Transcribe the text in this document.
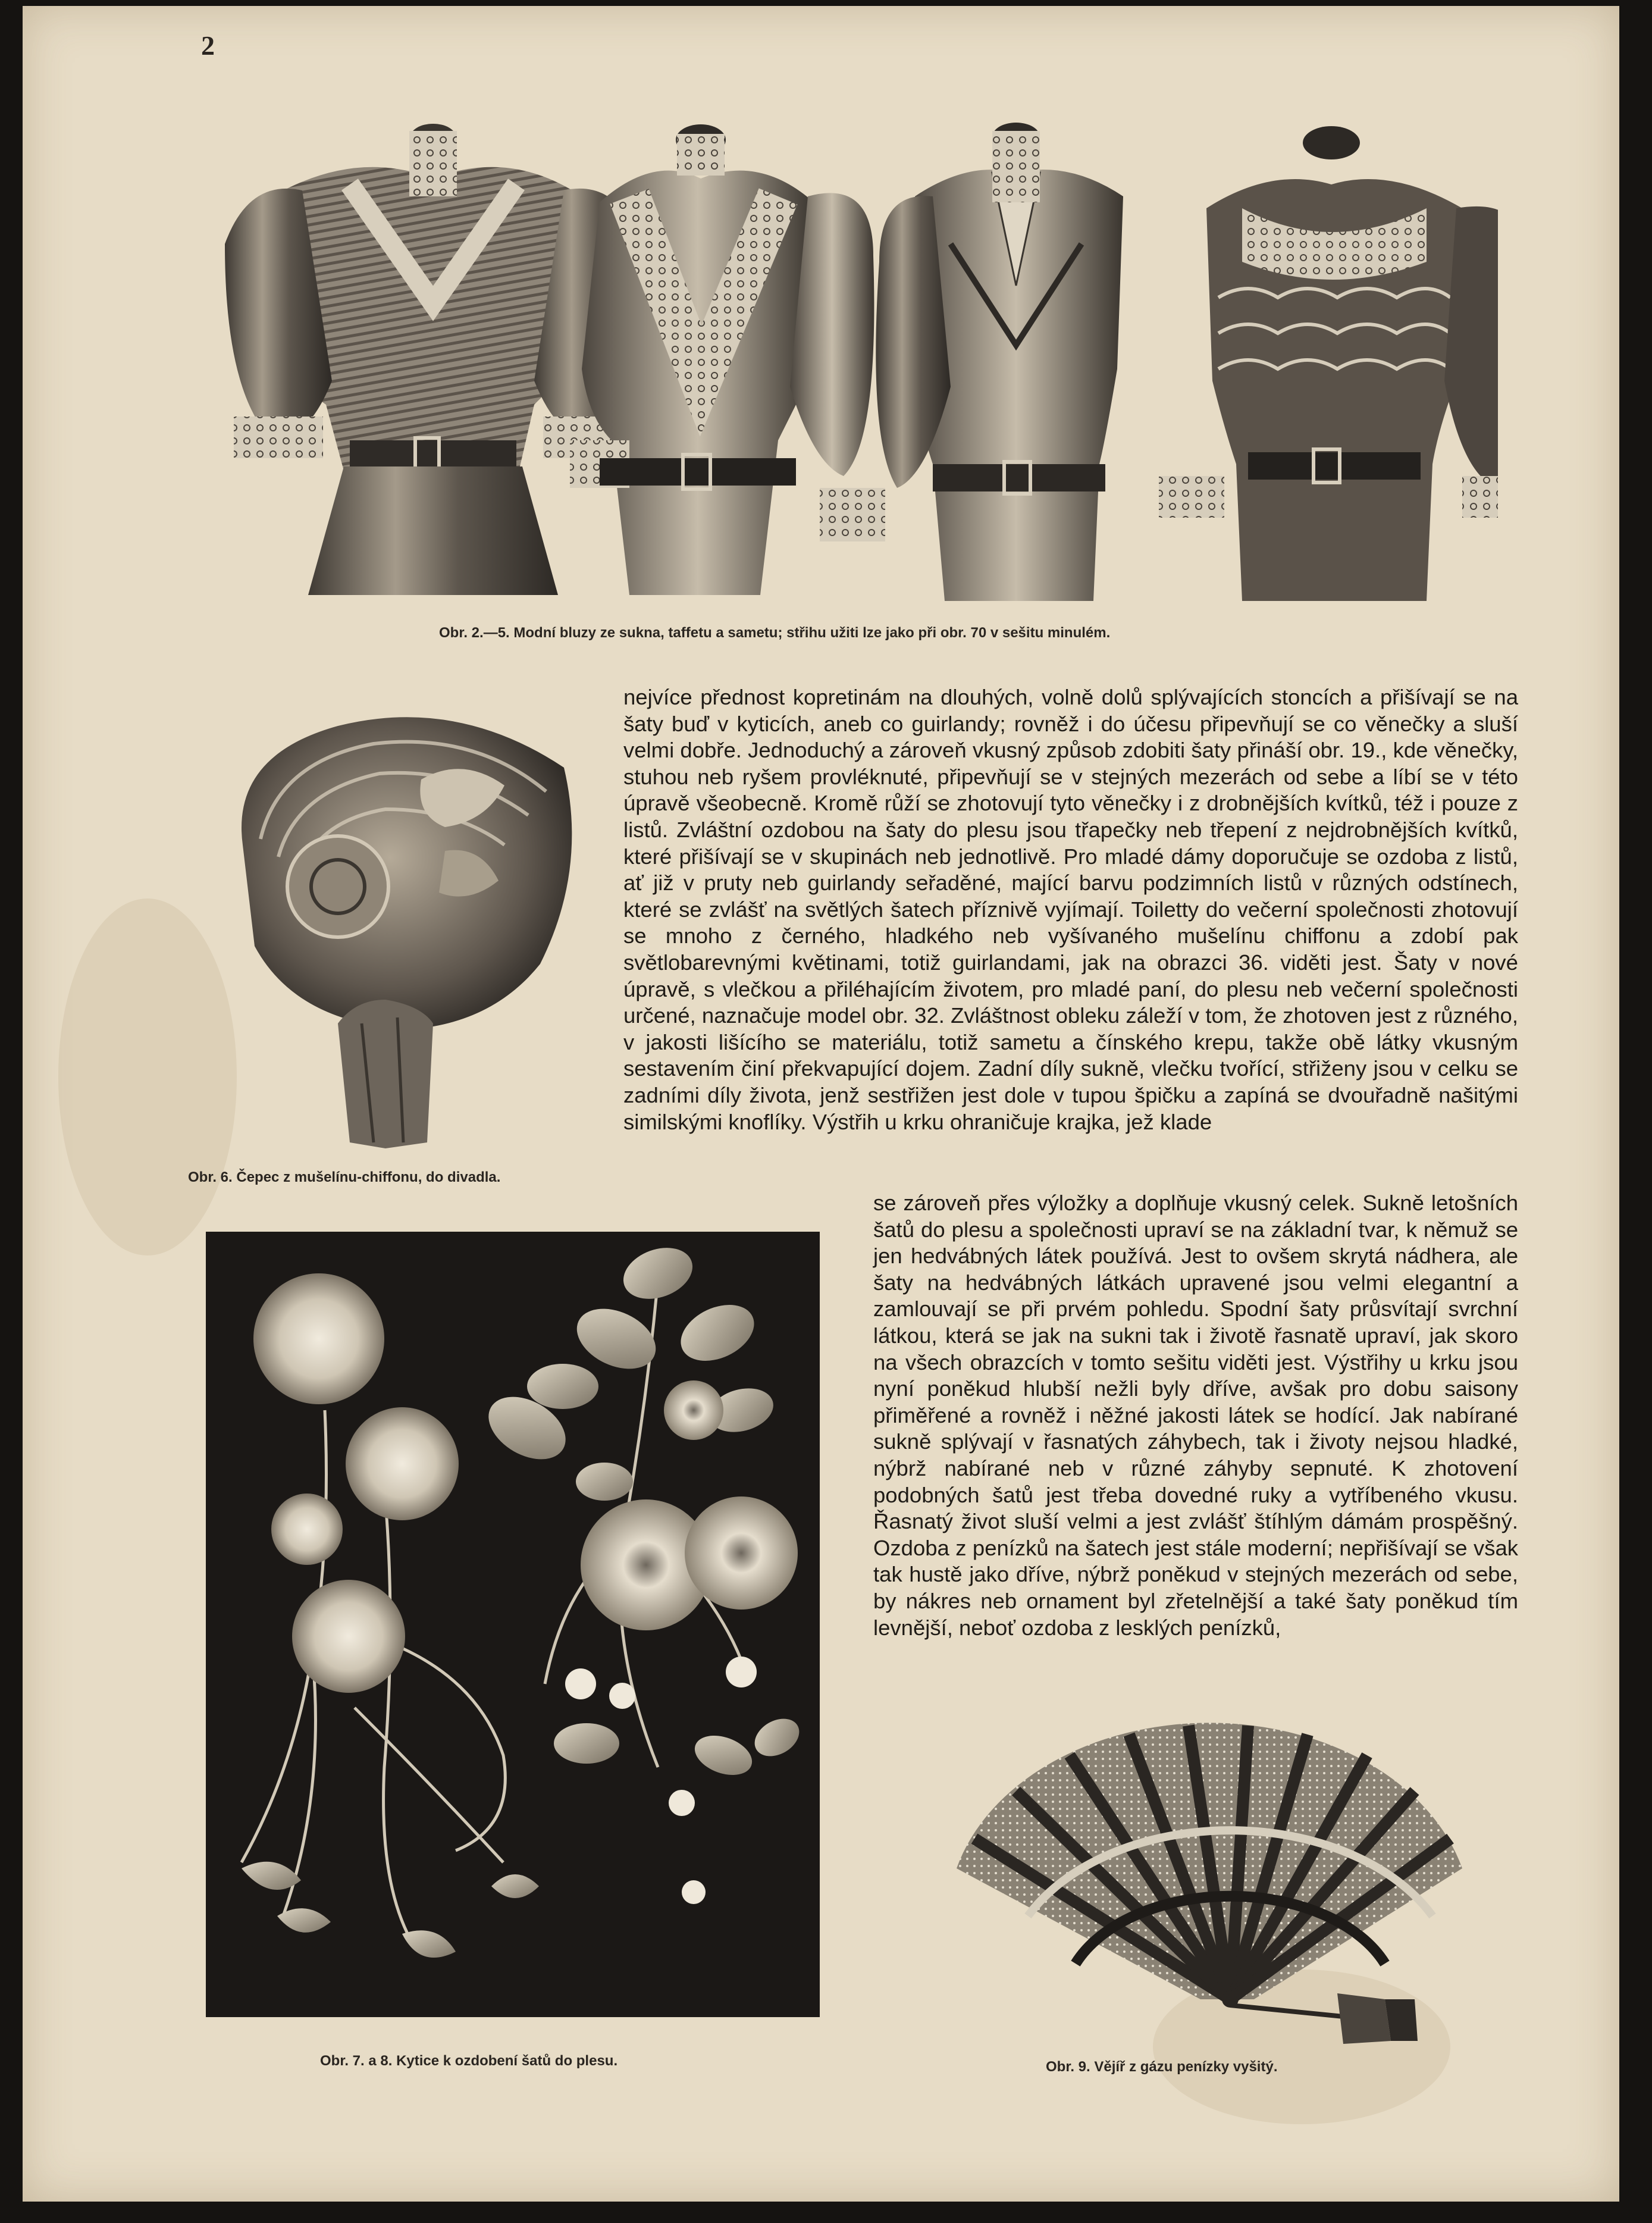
2
Obr. 2.—5. Modní bluzy ze sukna, taffetu a sametu; střihu užiti lze jako při obr. 70 v sešitu minulém.
Obr. 6. Čepec z mušelínu-chiffonu, do divadla.

nejvíce přednost kopretinám na dlouhých, volně dolů splývajících stoncích a přišívají se na šaty buď v kyticích, aneb co guirlandy; rovněž i do účesu připevňují se co věnečky a sluší velmi dobře. Jednoduchý a zároveň vkusný způsob zdobiti šaty přináší obr. 19., kde věnečky, stuhou neb ryšem provléknuté, připevňují se v stejných mezerách od sebe a líbí se v této úpravě všeobecně. Kromě růží se zhotovují tyto věnečky i z drobnějších kvítků, též i pouze z listů. Zvláštní ozdobou na šaty do plesu jsou třapečky neb třepení z nejdrobnějších kvítků, které přišívají se v skupinách neb jednotlivě. Pro mladé dámy doporučuje se ozdoba z listů, ať již v pruty neb guirlandy seřaděné, mající barvu podzimních listů v různých odstínech, které se zvlášť na světlých šatech příznivě vyjímají. Toiletty do večerní společnosti zhotovují se mnoho z černého, hladkého neb vyšívaného mušelínu chiffonu a zdobí pak světlobarevnými květinami, totiž guirlandami, jak na obrazci 36. viděti jest. Šaty v nové úpravě, s vlečkou a přiléhajícím životem, pro mladé paní, do plesu neb večerní společnosti určené, naznačuje model obr. 32. Zvláštnost obleku záleží v tom, že zhotoven jest z různého, v jakosti lišícího se materiálu, totiž sametu a čínského krepu, takže obě látky vkusným sestavením činí překvapující dojem. Zadní díly sukně, vlečku tvořící, střiženy jsou v celku se zadními díly života, jenž sestřižen jest dole v tupou špičku a zapíná se dvouřadně našitými similskými knoflíky. Výstřih u krku ohraničuje krajka, jež klade

se zároveň přes výložky a doplňuje vkusný celek. Sukně letošních šatů do plesu a společnosti upraví se na základní tvar, k němuž se jen hedvábných látek používá. Jest to ovšem skrytá nádhera, ale šaty na hedvábných látkách upravené jsou velmi elegantní a zamlouvají se při prvém pohledu. Spodní šaty průsvítají svrchní látkou, která se jak na sukni tak i životě řasnatě upraví, jak skoro na všech obrazcích v tomto sešitu viděti jest. Výstřihy u krku jsou nyní poněkud hlubší nežli byly dříve, avšak pro dobu saisony přiměřené a rovněž i něžné jakosti látek se hodící. Jak nabírané sukně splývají v řasnatých záhybech, tak i životy nejsou hladké, nýbrž nabírané neb v různé záhyby sepnuté. K zhotovení podobných šatů jest třeba dovedné ruky a vytříbeného vkusu. Řasnatý život sluší velmi a jest zvlášť štíhlým dámám prospěšný. Ozdoba z penízků na šatech jest stále moderní; nepřišívají se však tak hustě jako dříve, nýbrž poněkud v stejných mezerách od sebe, by nákres neb ornament byl zřetelnější a také šaty poněkud tím levnější, neboť ozdoba z lesklých penízků,

Obr. 7. a 8. Kytice k ozdobení šatů do plesu.	Obr. 9. Vějíř z gázu penízky vyšitý.
